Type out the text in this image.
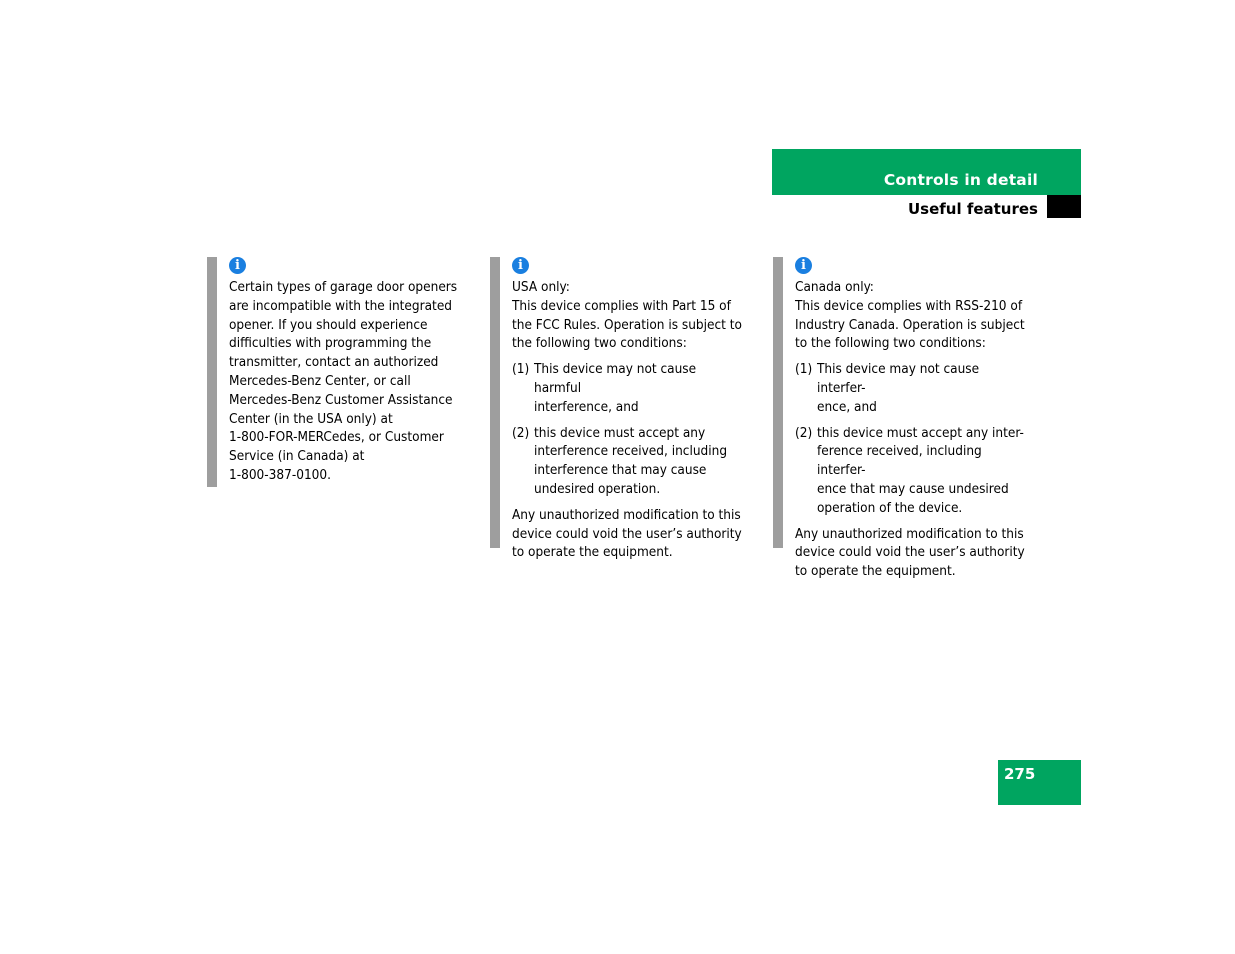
Controls in detail
Useful features
i

Certain types of garage door openers

are incompatible with the integrated

opener. If you should experience

difficulties with programming the

transmitter, contact an authorized

Mercedes-Benz Center, or call

Mercedes-Benz Customer Assistance

Center (in the USA only) at

1-800-FOR-MERCedes, or Customer

Service (in Canada) at

1-800-387-0100.

i

USA only:

This device complies with Part 15 of

the FCC Rules. Operation is subject to

the following two conditions:

(1) This device may not cause harmful
interference, and
(2) this device must accept any
interference received, including
interference that may cause
undesired operation.

Any unauthorized modification to this

device could void the user’s authority

to operate the equipment.

i

Canada only:

This device complies with RSS-210 of

Industry Canada. Operation is subject

to the following two conditions:

(1) This device may not cause interfer-
ence, and
(2) this device must accept any inter-
ference received, including interfer-
ence that may cause undesired
operation of the device.

Any unauthorized modification to this

device could void the user’s authority

to operate the equipment.

275
